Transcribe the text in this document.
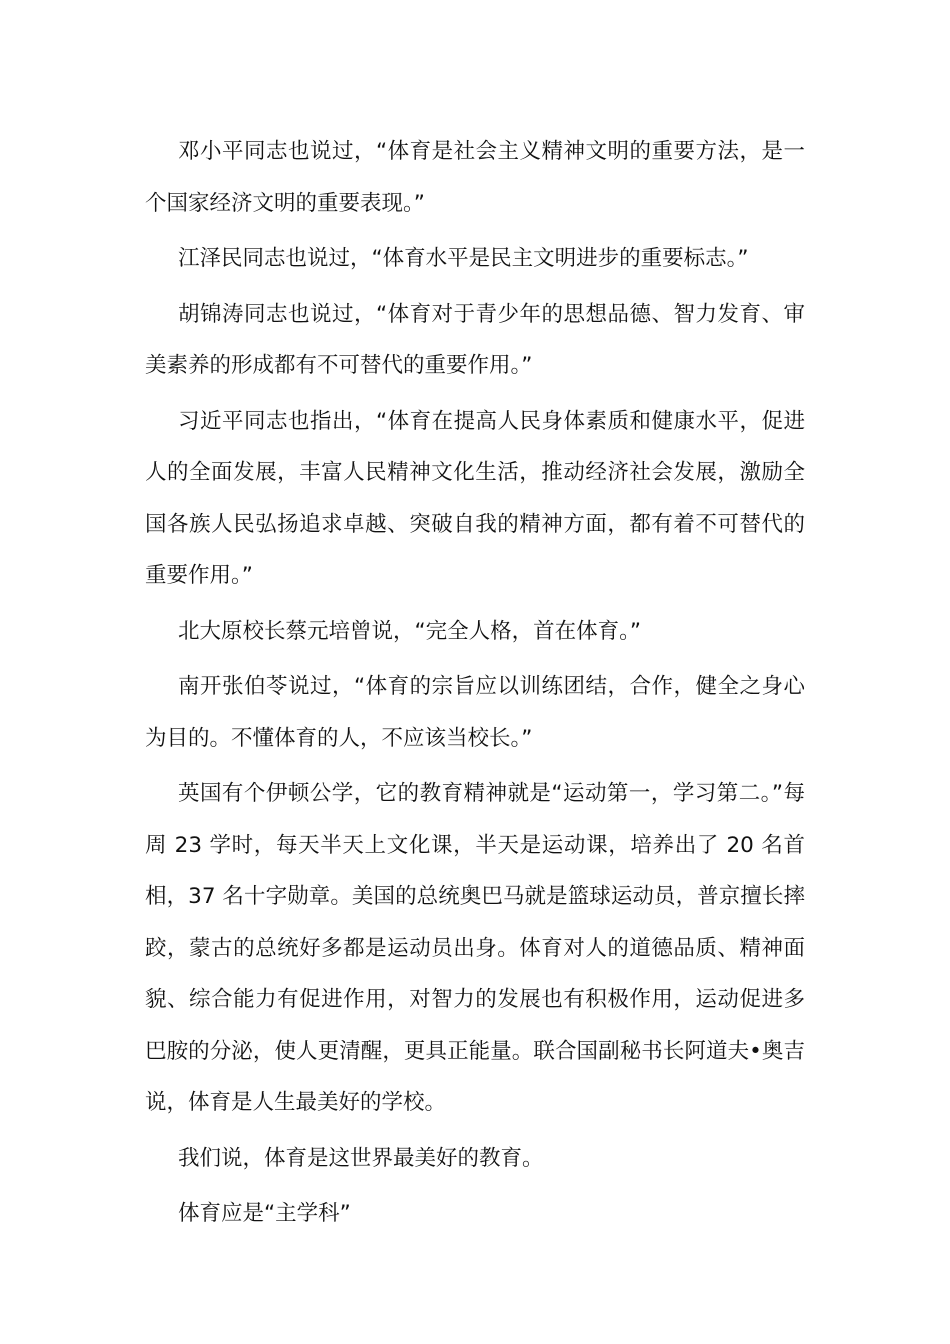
邓小平同志也说过，“体育是社会主义精神文明的重要方法，是一个国家经济文明的重要表现。”

江泽民同志也说过，“体育水平是民主文明进步的重要标志。”

胡锦涛同志也说过，“体育对于青少年的思想品德、智力发育、审美素养的形成都有不可替代的重要作用。”

习近平同志也指出，“体育在提高人民身体素质和健康水平，促进人的全面发展，丰富人民精神文化生活，推动经济社会发展，激励全国各族人民弘扬追求卓越、突破自我的精神方面，都有着不可替代的重要作用。”

北大原校长蔡元培曾说，“完全人格，首在体育。”

南开张伯苓说过，“体育的宗旨应以训练团结，合作，健全之身心为目的。不懂体育的人，不应该当校长。”

英国有个伊顿公学，它的教育精神就是“运动第一，学习第二。”每周 23 学时，每天半天上文化课，半天是运动课，培养出了 20 名首相，37 名十字勋章。美国的总统奥巴马就是篮球运动员，普京擅长摔跤，蒙古的总统好多都是运动员出身。体育对人的道德品质、精神面貌、综合能力有促进作用，对智力的发展也有积极作用，运动促进多巴胺的分泌，使人更清醒，更具正能量。联合国副秘书长阿道夫•奥吉说，体育是人生最美好的学校。

我们说，体育是这世界最美好的教育。

体育应是“主学科”
